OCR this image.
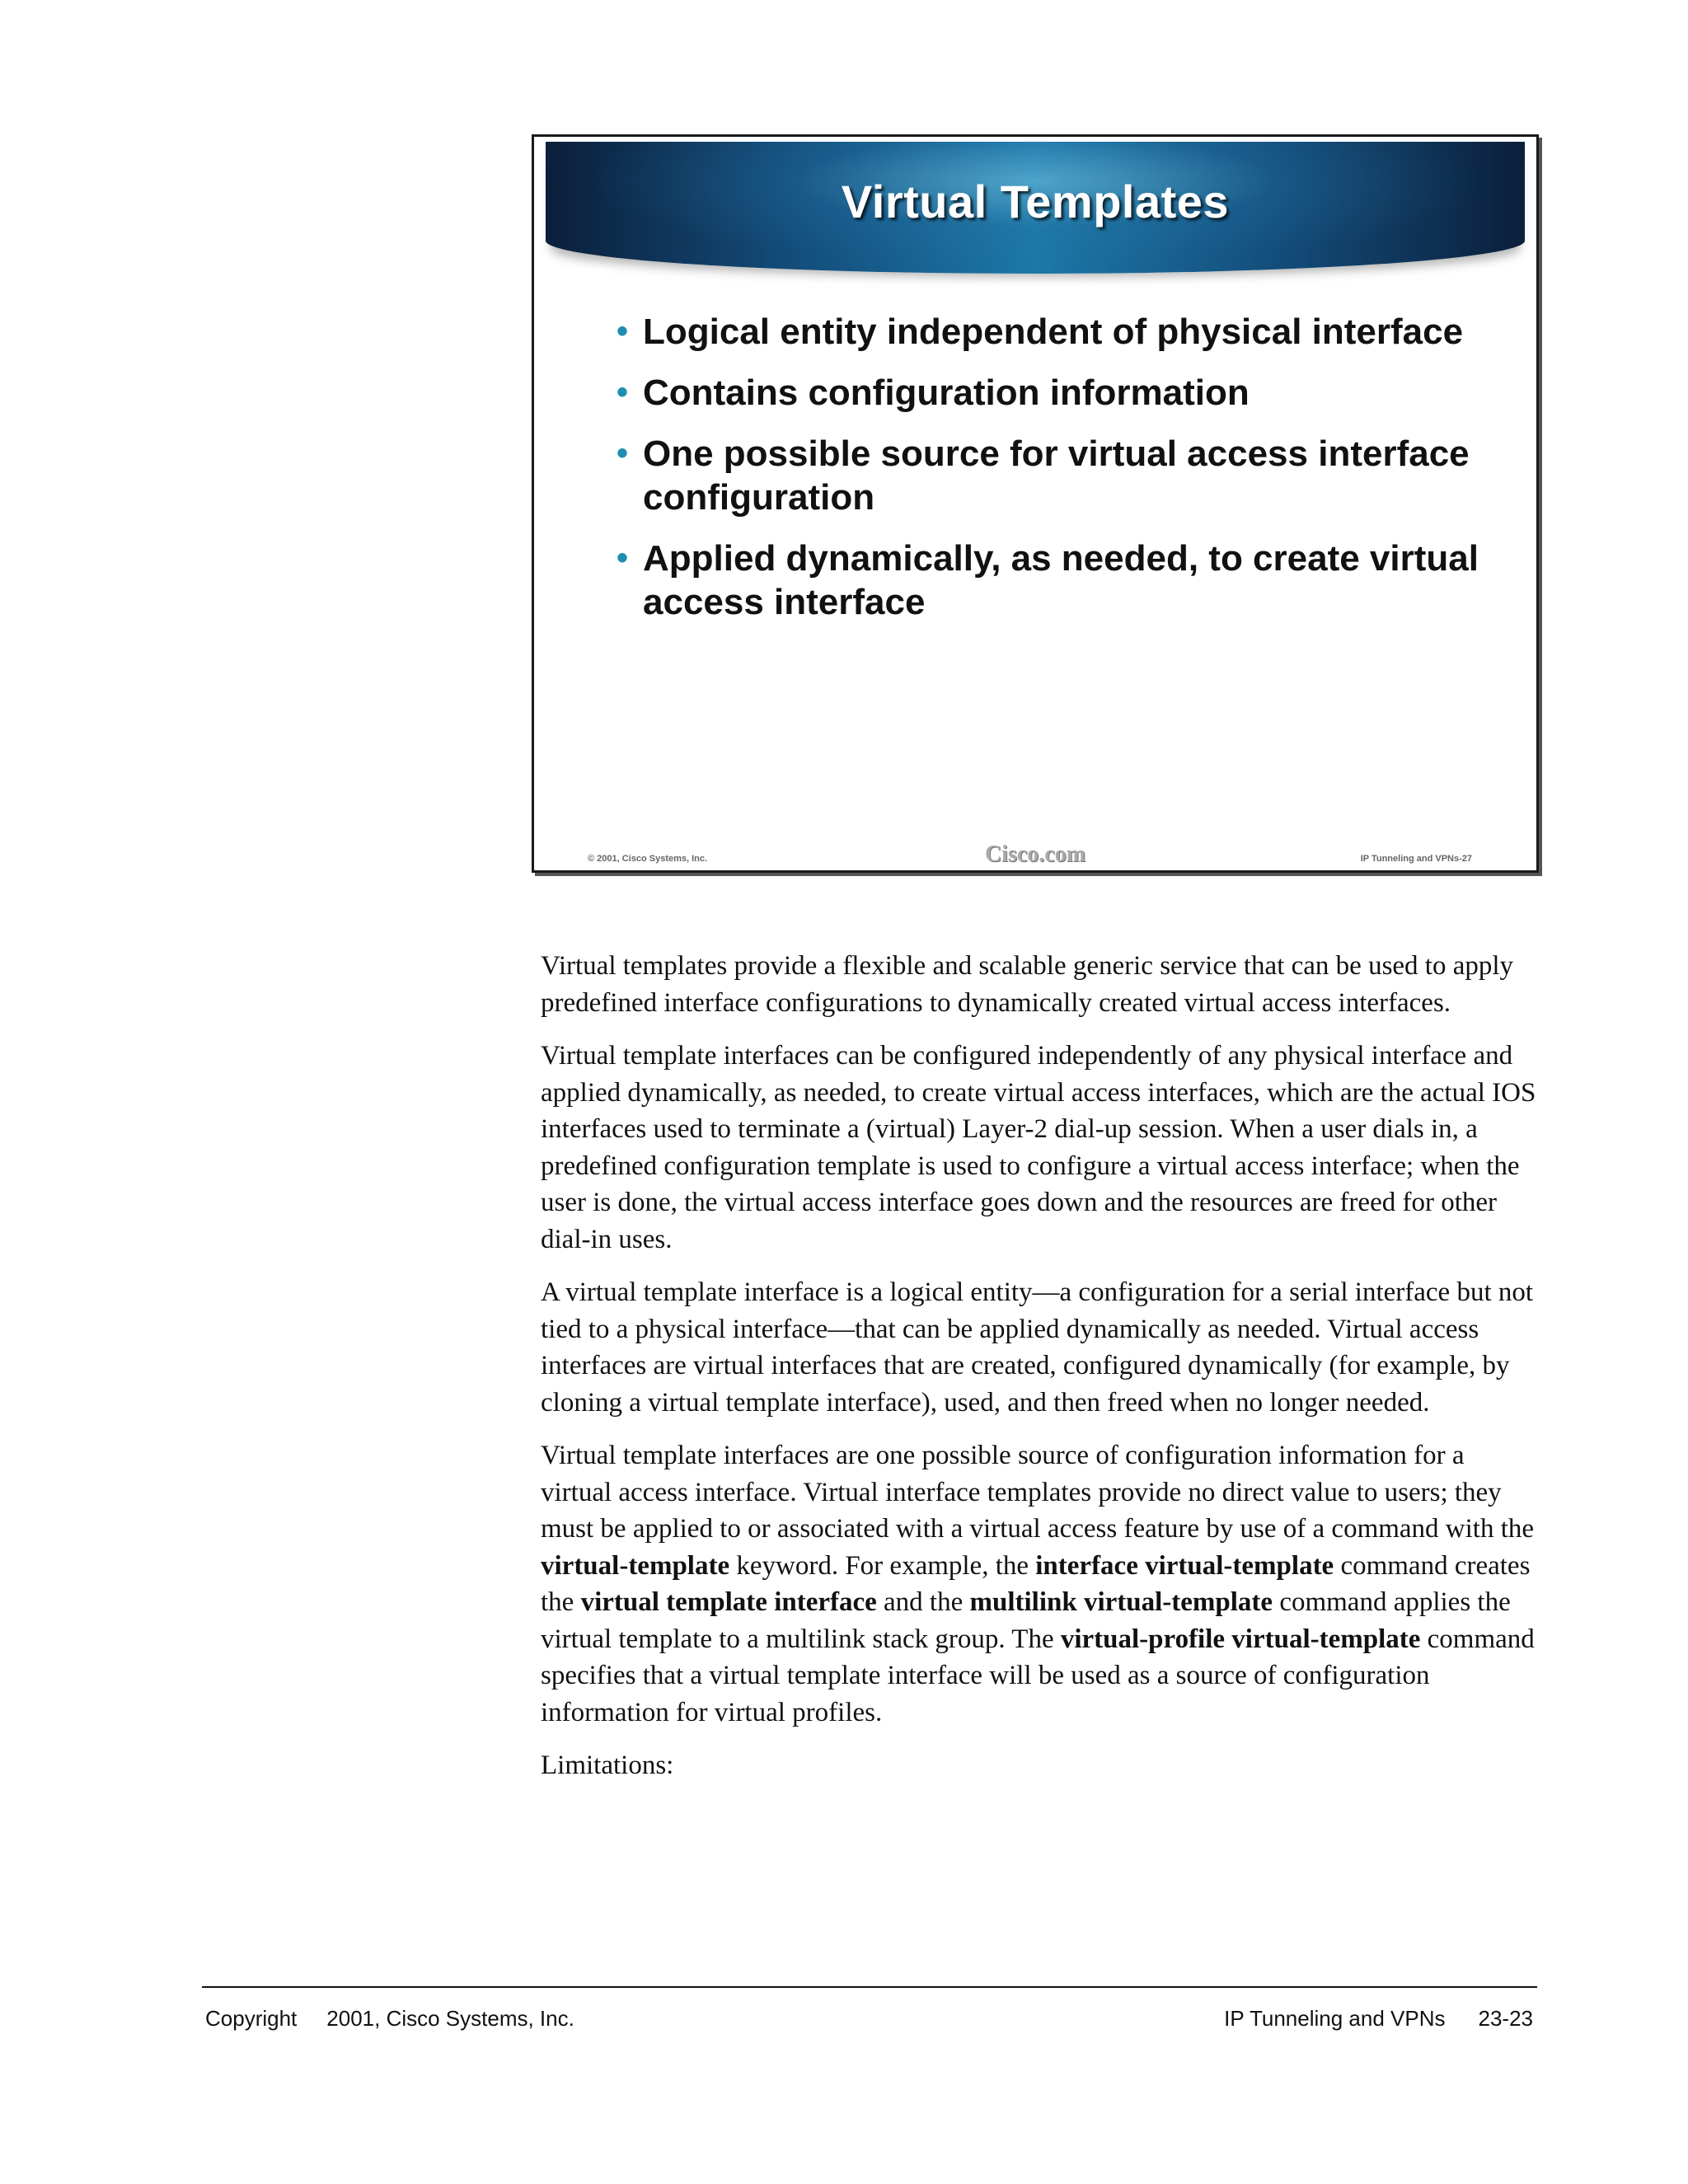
Virtual Templates
• Logical entity independent of physical interface
• Contains configuration information
• One possible source for virtual access interface configuration
• Applied dynamically, as needed, to create virtual access interface
© 2001, Cisco Systems, Inc.	Cisco.com	IP Tunneling and VPNs-27

Virtual templates provide a flexible and scalable generic service that can be used to apply predefined interface configurations to dynamically created virtual access interfaces.

Virtual template interfaces can be configured independently of any physical interface and applied dynamically, as needed, to create virtual access interfaces, which are the actual IOS interfaces used to terminate a (virtual) Layer-2 dial-up session. When a user dials in, a predefined configuration template is used to configure a virtual access interface; when the user is done, the virtual access interface goes down and the resources are freed for other dial-in uses.

A virtual template interface is a logical entity—a configuration for a serial interface but not tied to a physical interface—that can be applied dynamically as needed. Virtual access interfaces are virtual interfaces that are created, configured dynamically (for example, by cloning a virtual template interface), used, and then freed when no longer needed.

Virtual template interfaces are one possible source of configuration information for a virtual access interface. Virtual interface templates provide no direct value to users; they must be applied to or associated with a virtual access feature by use of a command with the virtual-template keyword. For example, the interface virtual-template command creates the virtual template interface and the multilink virtual-template command applies the virtual template to a multilink stack group. The virtual-profile virtual-template command specifies that a virtual template interface will be used as a source of configuration information for virtual profiles.

Limitations:

Copyright 2001, Cisco Systems, Inc.	IP Tunneling and VPNs 23-23
